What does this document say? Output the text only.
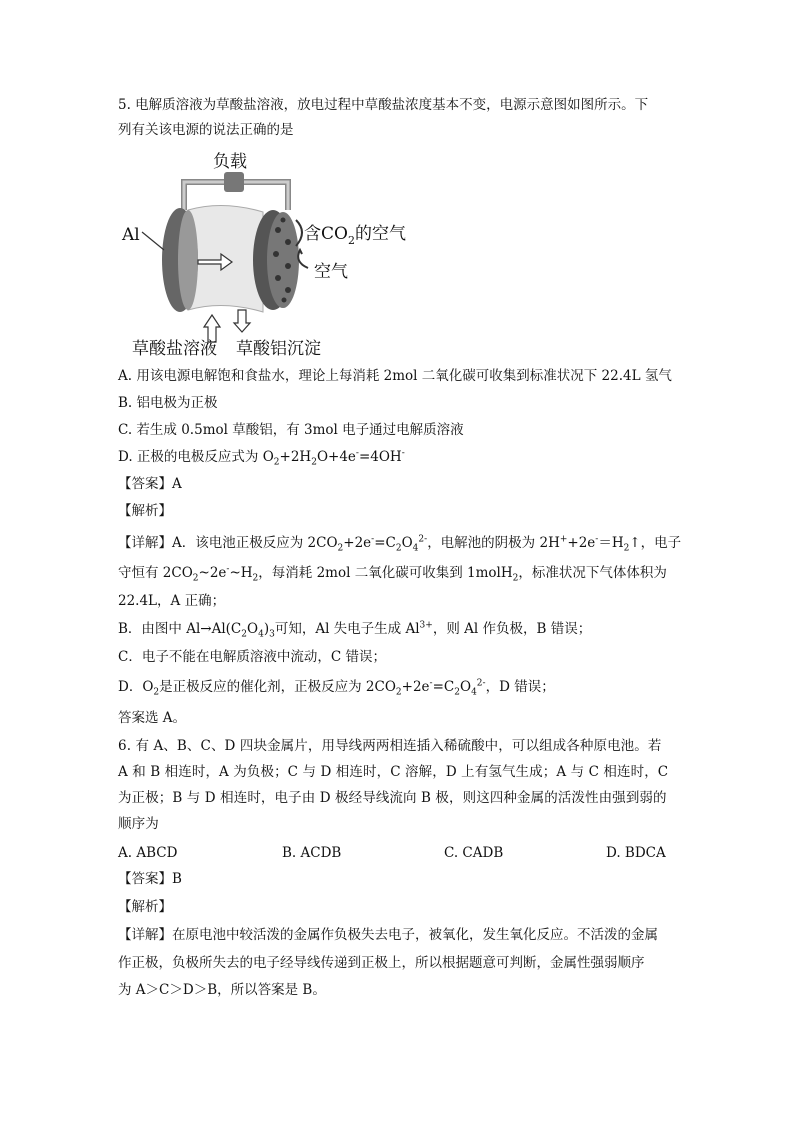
5. 电解质溶液为草酸盐溶液，放电过程中草酸盐浓度基本不变，电源示意图如图所示。下
列有关该电源的说法正确的是
负载
Al	含$CO_2$的空气
空气
草酸盐溶液 草酸铝沉淀
A. 用该电源电解饱和食盐水，理论上每消耗 2mol 二氧化碳可收集到标准状况下 22.4L 氢气
B. 铝电极为正极
C. 若生成 0.5mol 草酸铝，有 3mol 电子通过电解质溶液
D. 正极的电极反应式为 $O_2+2H_2O+4e^-=4OH^-$
【答案】A
【解析】
【详解】A．该电池正极反应为 $2CO_2+2e^-=C_2O_4^{2-}$，电解池的阴极为 $2H^++2e^-=H_2↑$，电子
守恒有 $2CO_2\sim 2e^-\sim H_2$，每消耗 2mol 二氧化碳可收集到 1molH$_2$，标准状况下气体体积为
22.4L，A 正确；
B．由图中 $Al\to Al(C_2O_4)_3$可知，Al 失电子生成 $Al^{3+}$，则 Al 作负极，B 错误；
C．电子不能在电解质溶液中流动，C 错误；
D．$O_2$是正极反应的催化剂，正极反应为 $2CO_2+2e^-=C_2O_4^{2-}$，D 错误；
答案选 A。
6. 有 A、B、C、D 四块金属片，用导线两两相连插入稀硫酸中，可以组成各种原电池。若
A 和 B 相连时，A 为负极；C 与 D 相连时，C 溶解，D 上有氢气生成；A 与 C 相连时，C
为正极；B 与 D 相连时，电子由 D 极经导线流向 B 极，则这四种金属的活泼性由强到弱的
顺序为
A. ABCD	B. ACDB	C. CADB	D. BDCA
【答案】B
【解析】
【详解】在原电池中较活泼的金属作负极失去电子，被氧化，发生氧化反应。不活泼的金属
作正极，负极所失去的电子经导线传递到正极上，所以根据题意可判断，金属性强弱顺序
为 A＞C＞D＞B，所以答案是 B。
